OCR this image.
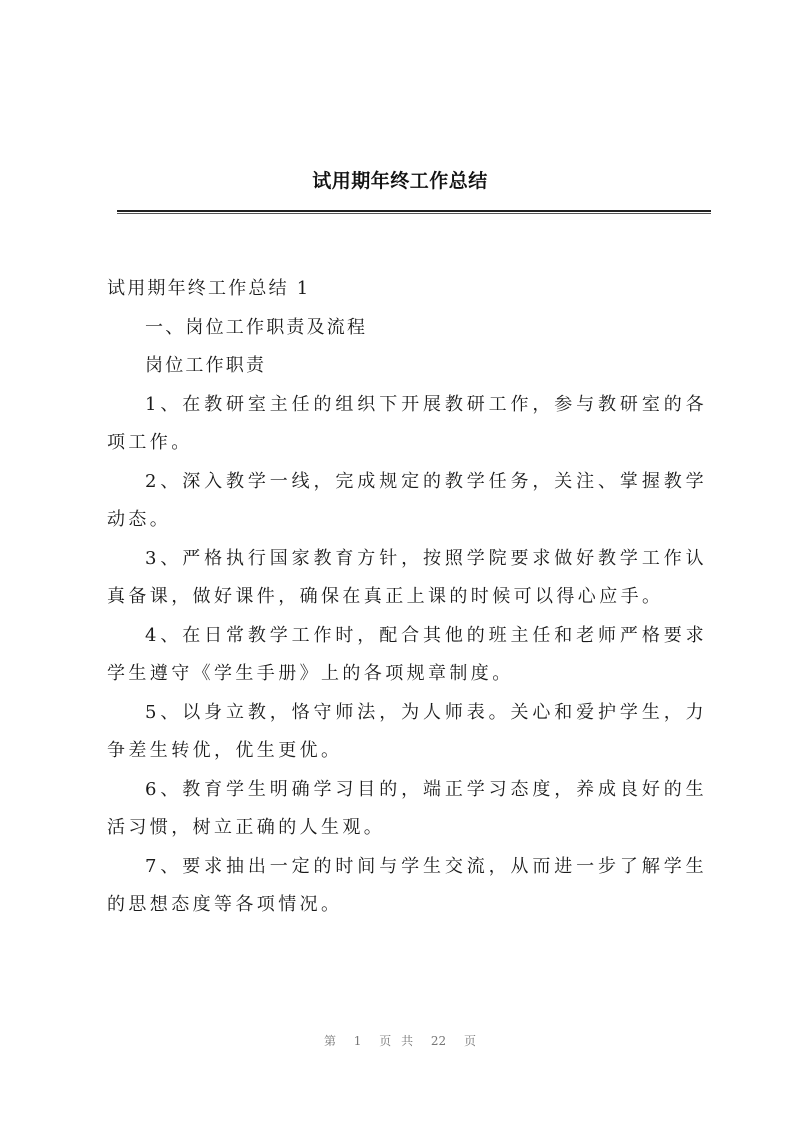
试用期年终工作总结

试用期年终工作总结 1

一、岗位工作职责及流程

岗位工作职责

1、在教研室主任的组织下开展教研工作，参与教研室的各项工作。

2、深入教学一线，完成规定的教学任务，关注、掌握教学动态。

3、严格执行国家教育方针，按照学院要求做好教学工作认真备课，做好课件，确保在真正上课的时候可以得心应手。

4、在日常教学工作时，配合其他的班主任和老师严格要求学生遵守《学生手册》上的各项规章制度。

5、以身立教，恪守师法，为人师表。关心和爱护学生，力争差生转优，优生更优。

6、教育学生明确学习目的，端正学习态度，养成良好的生活习惯，树立正确的人生观。

7、要求抽出一定的时间与学生交流，从而进一步了解学生的思想态度等各项情况。

第 1 页 共 22 页
